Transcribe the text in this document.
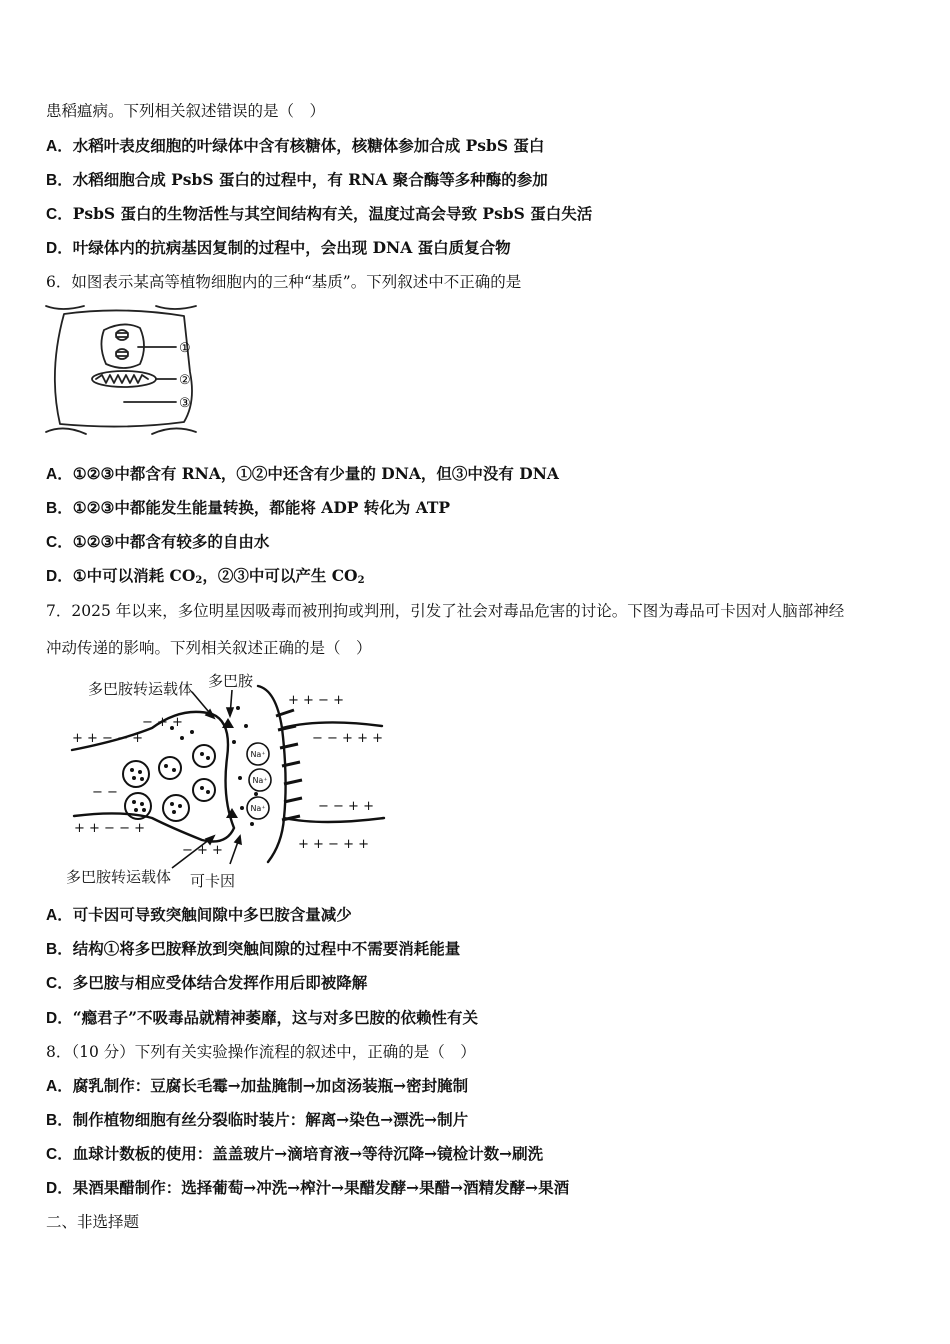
患稻瘟病。下列相关叙述错误的是（　）
A．水稻叶表皮细胞的叶绿体中含有核糖体，核糖体参加合成 PsbS 蛋白
B．水稻细胞合成 PsbS 蛋白的过程中，有 RNA 聚合酶等多种酶的参加
C．PsbS 蛋白的生物活性与其空间结构有关，温度过高会导致 PsbS 蛋白失活
D．叶绿体内的抗病基因复制的过程中，会出现 DNA 蛋白质复合物
6．如图表示某高等植物细胞内的三种“基质”。下列叙述中不正确的是
①
②
③
A．①②③中都含有 RNA，①②中还含有少量的 DNA，但③中没有 DNA
B．①②③中都能发生能量转换，都能将 ADP 转化为 ATP
C．①②③中都含有较多的自由水
D．①中可以消耗 $CO_2$，②③中可以产生 $CO_2$
7．2025 年以来，多位明星因吸毒而被刑拘或判刑，引发了社会对毒品危害的讨论。下图为毒品可卡因对人脑部神经
冲动传递的影响。下列相关叙述正确的是（　）
Na⁺
Na⁺
Na⁺
+ + − − +
− + +
+ + − +
− − + + +
+ + − − +
− + +	+ + − + +
− − + +
− −
多巴胺转运载体 多巴胺
多巴胺转运载体 可卡因
A．可卡因可导致突触间隙中多巴胺含量减少
B．结构①将多巴胺释放到突触间隙的过程中不需要消耗能量
C．多巴胺与相应受体结合发挥作用后即被降解
D．“瘾君子”不吸毒品就精神萎靡，这与对多巴胺的依赖性有关
8．（10 分）下列有关实验操作流程的叙述中，正确的是（　）
A．腐乳制作：豆腐长毛霉→加盐腌制→加卤汤装瓶→密封腌制
B．制作植物细胞有丝分裂临时装片：解离→染色→漂洗→制片
C．血球计数板的使用：盖盖玻片→滴培育液→等待沉降→镜检计数→刷洗
D．果酒果醋制作：选择葡萄→冲洗→榨汁→果醋发酵→果醋→酒精发酵→果酒
二、非选择题
